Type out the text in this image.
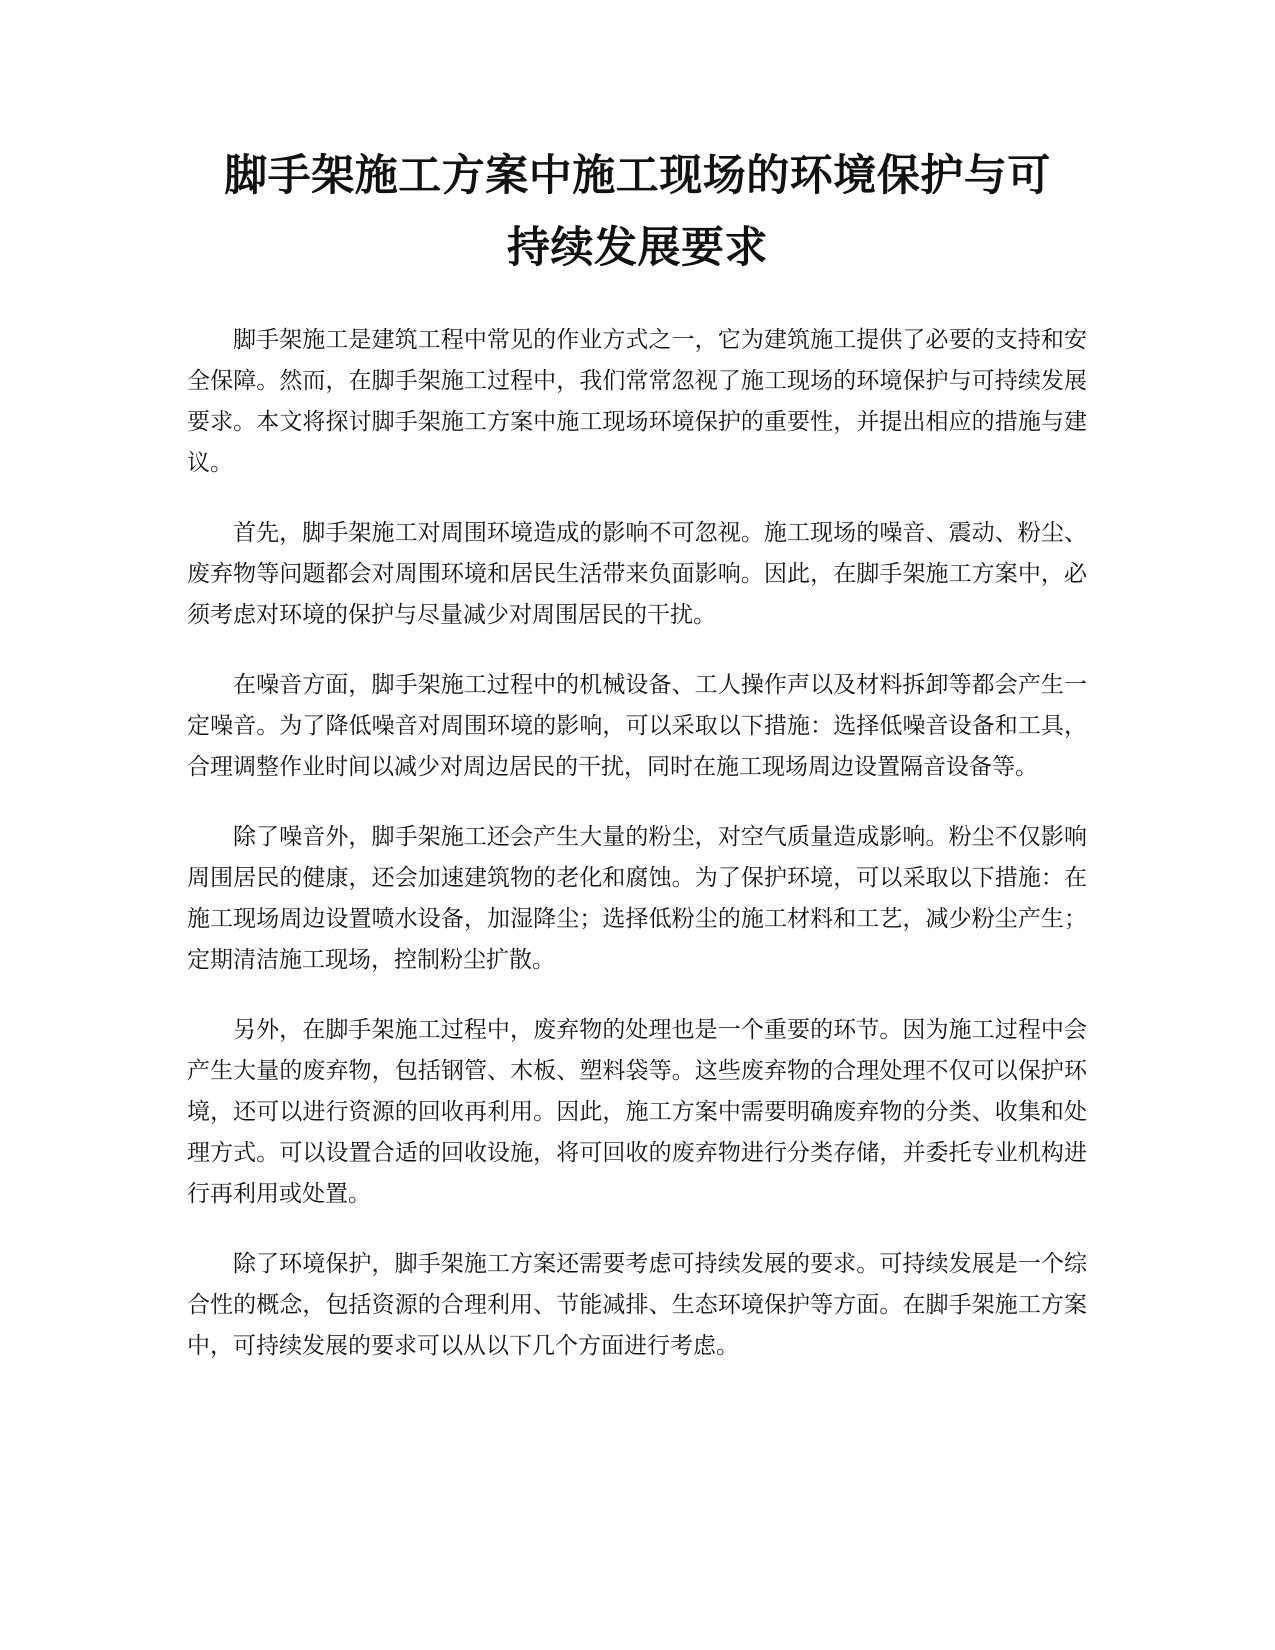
脚手架施工方案中施工现场的环境保护与可
持续发展要求

脚手架施工是建筑工程中常见的作业方式之一，它为建筑施工提供了必要的支持和安全保障。然而，在脚手架施工过程中，我们常常忽视了施工现场的环境保护与可持续发展要求。本文将探讨脚手架施工方案中施工现场环境保护的重要性，并提出相应的措施与建议。

首先，脚手架施工对周围环境造成的影响不可忽视。施工现场的噪音、震动、粉尘、废弃物等问题都会对周围环境和居民生活带来负面影响。因此，在脚手架施工方案中，必须考虑对环境的保护与尽量减少对周围居民的干扰。

在噪音方面，脚手架施工过程中的机械设备、工人操作声以及材料拆卸等都会产生一定噪音。为了降低噪音对周围环境的影响，可以采取以下措施：选择低噪音设备和工具，合理调整作业时间以减少对周边居民的干扰，同时在施工现场周边设置隔音设备等。

除了噪音外，脚手架施工还会产生大量的粉尘，对空气质量造成影响。粉尘不仅影响周围居民的健康，还会加速建筑物的老化和腐蚀。为了保护环境，可以采取以下措施：在施工现场周边设置喷水设备，加湿降尘；选择低粉尘的施工材料和工艺，减少粉尘产生；定期清洁施工现场，控制粉尘扩散。

另外，在脚手架施工过程中，废弃物的处理也是一个重要的环节。因为施工过程中会产生大量的废弃物，包括钢管、木板、塑料袋等。这些废弃物的合理处理不仅可以保护环境，还可以进行资源的回收再利用。因此，施工方案中需要明确废弃物的分类、收集和处理方式。可以设置合适的回收设施，将可回收的废弃物进行分类存储，并委托专业机构进行再利用或处置。

除了环境保护，脚手架施工方案还需要考虑可持续发展的要求。可持续发展是一个综合性的概念，包括资源的合理利用、节能减排、生态环境保护等方面。在脚手架施工方案中，可持续发展的要求可以从以下几个方面进行考虑。
